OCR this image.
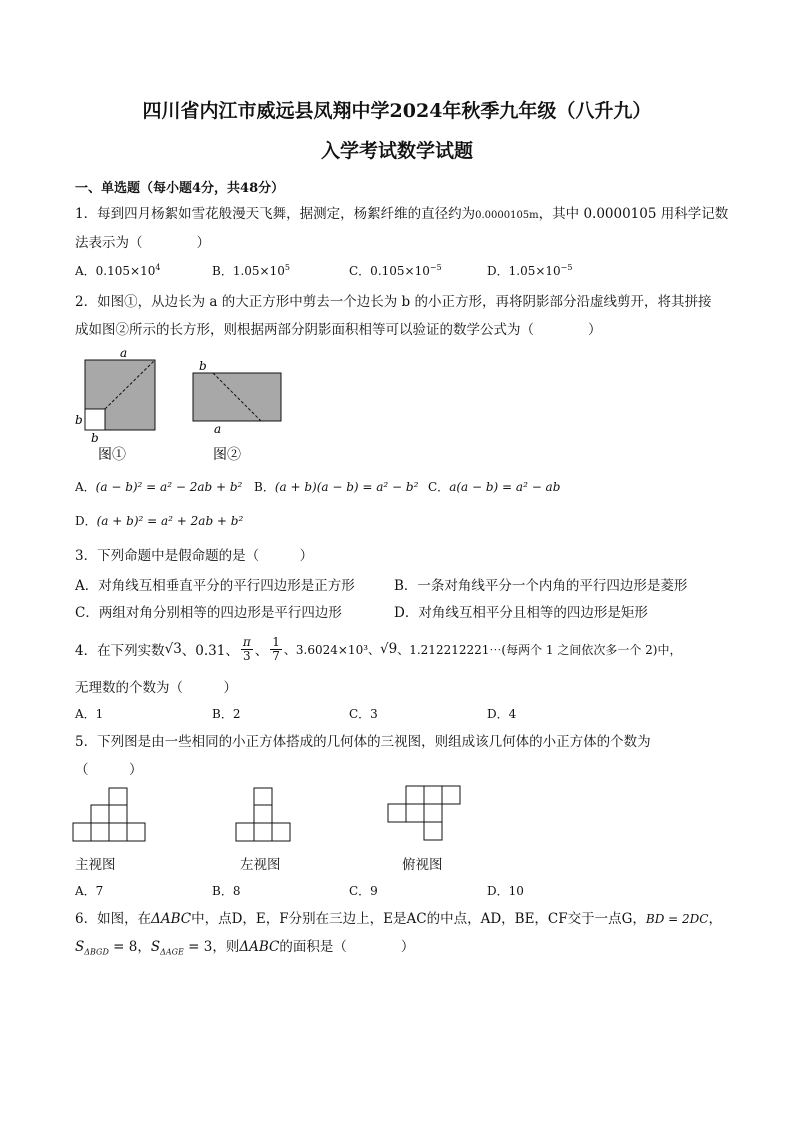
四川省内江市威远县凤翔中学2024年秋季九年级（八升九）
入学考试数学试题
一、单选题（每小题4分，共48分）
1．每到四月杨絮如雪花般漫天飞舞，据测定，杨絮纤维的直径约为0.0000105m，其中 0.0000105 用科学记数
法表示为（　　　　）
A．$0.105\times 10^4$	B．$1.05\times 10^5$	C．$0.105\times 10^{-5}$	D．$1.05\times 10^{-5}$
2．如图①，从边长为 a 的大正方形中剪去一个边长为 b 的小正方形，再将阴影部分沿虚线剪开，将其拼接
成如图②所示的长方形，则根据两部分阴影面积相等可以验证的数学公式为（　　　　）
a
b
b
图①
b
a
图②
A．(a − b)² = a² − 2ab + b² B．(a + b)(a − b) = a² − b² C．a(a − b) = a² − ab
D．(a + b)² = a² + 2ab + b²
3．下列命题中是假命题的是（　　　）
A．对角线互相垂直平分的平行四边形是正方形	B．一条对角线平分一个内角的平行四边形是菱形
C．两组对角分别相等的四边形是平行四边形	D．对角线互相平分且相等的四边形是矩形
4．在下列实数 √3 、0.31、 $\frac{\pi}{3}$ 、 $\frac{1}{7}$ 、3.6024×10³、 √9 、1.212212221⋯(每两个 1 之间依次多一个 2)中，
无理数的个数为（　　　）
A．1	B．2	C．3	D．4
5．下列图是由一些相同的小正方体搭成的几何体的三视图，则组成该几何体的小正方体的个数为
（　　　）
主视图	左视图	俯视图
A．7	B．8	C．9	D．10
6．如图，在ΔABC中，点D，E，F分别在三边上，E是AC的中点，AD，BE，CF交于一点G，BD = 2DC，
$S_{\Delta BGD} = 8$，$S_{\Delta AGE} = 3$，则ΔABC的面积是（　　　　）
